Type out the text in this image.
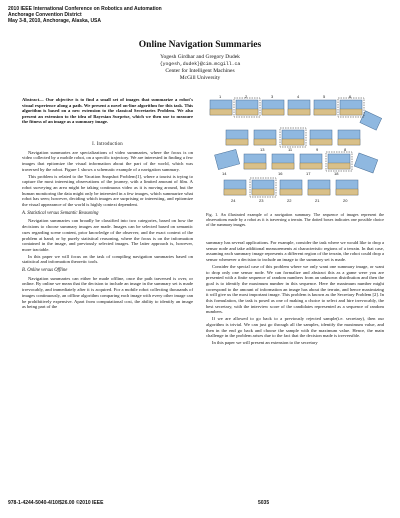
2010 IEEE International Conference on Robotics and Automation
Anchorage Convention District
May 3-8, 2010, Anchorage, Alaska, USA
Online Navigation Summaries
Yogesh Girdhar and Gregory Dudek
{yogesh,dudek}@cim.mcgill.ca
Center for Intelligent Machines
McGill University
Abstract— Our objective is to find a small set of images that summarize a robot's visual experience along a path. We present a novel on-line algorithm for this task. This algorithm is based on a new extension to the classical Secretaries Problem. We also present an extension to the idea of Bayesian Surprise, which we then use to measure the fitness of an image as a summary image.
I. Introduction

Navigation summaries are specializations of video summaries, where the focus is on video collected by a mobile robot, on a specific trajectory. We are interested in finding a few images that epitomize the visual information about the part of the world, which was traversed by the robot. Figure 1 shows a schematic example of a navigation summary.

This problem is related to the Vacation Snapshot Problem[1], where a tourist is trying to capture the most interesting observations of the journey, with a limited amount of film. A robot surveying an area might be taking continuous video as it is moving around, but the human monitoring the data might only be interested in a few images, which summarize what robot has seen; however, deciding which images are surprising or interesting, and epitomize the visual appearance of the world is highly context dependent.

A. Statistical versus Semantic Reasoning

Navigation summaries can broadly be classified into two categories, based on how the decisions to choose summary images are made. Images can be selected based on semantic cues regarding scene content, prior knowledge of the observer, and the exact context of the problem at hand; or by purely statistical reasoning, where the focus is on the information contained in the image, and previously selected images. The latter approach is, however, more tractable.

In this paper we will focus on the task of compiling navigation summaries based on statistical and information theoretic tools.

B. Online versus Offline

Navigation summaries can either be made offline, once the path traversed is over, or online. By online we mean that the decision to include an image in the summary set is made irrevocably, and immediately after it is acquired. For a mobile robot collecting thousands of images continuously, an offline algorithm comparing each image with every other image can be prohibitively expensive. Apart from computational cost, the ability to identify an image as being part of the

1	2	3	4	5	6
13	11	9	8
14	16	17	18
24	23	22	21	20
Fig. 1. An illustrated example of a navigation summary. The sequence of images represent the observations made by a robot as it is traversing a terrain. The dotted boxes indicates one possible choice of the summary images.

summary has several applications. For example, consider the task where we would like to drop a sensor node and take additional measurements at characteristic regions of a terrain. In that case, assuming each summary image represents a different region of the terrain, the robot could drop a sensor whenever a decision to include an image to the summary set is made.

Consider the special case of this problem where we only want one summary image, or want to drop only one sensor node. We can formalize and abstract this as a game were you are presented with a finite sequence of random numbers from an unknown distribution and then the goal is to identify the maximum number in this sequence. Here the maximum number might correspond to the amount of information an image has about the terrain, and hence maximizing it will give us the most important image. This problem is known as the Secretary Problem [2]. In this formulation, the task is posed as one of making a choice to select and hire irrevocably, the best secretary, with the interview score of the candidates represented as a sequence of random numbers.

If we are allowed to go back to a previously rejected sample(i.e. secretary), then our algorithm is trivial. We can just go through all the samples, identify the maximum value, and then in the end go back and choose the sample with the maximum value. Hence, the main challenge in the problem arises due to the fact that the decision made is irreversible.

In this paper we will present an extension to the secretary

978-1-4244-5040-4/10/$26.00 ©2010 IEEE	5035
